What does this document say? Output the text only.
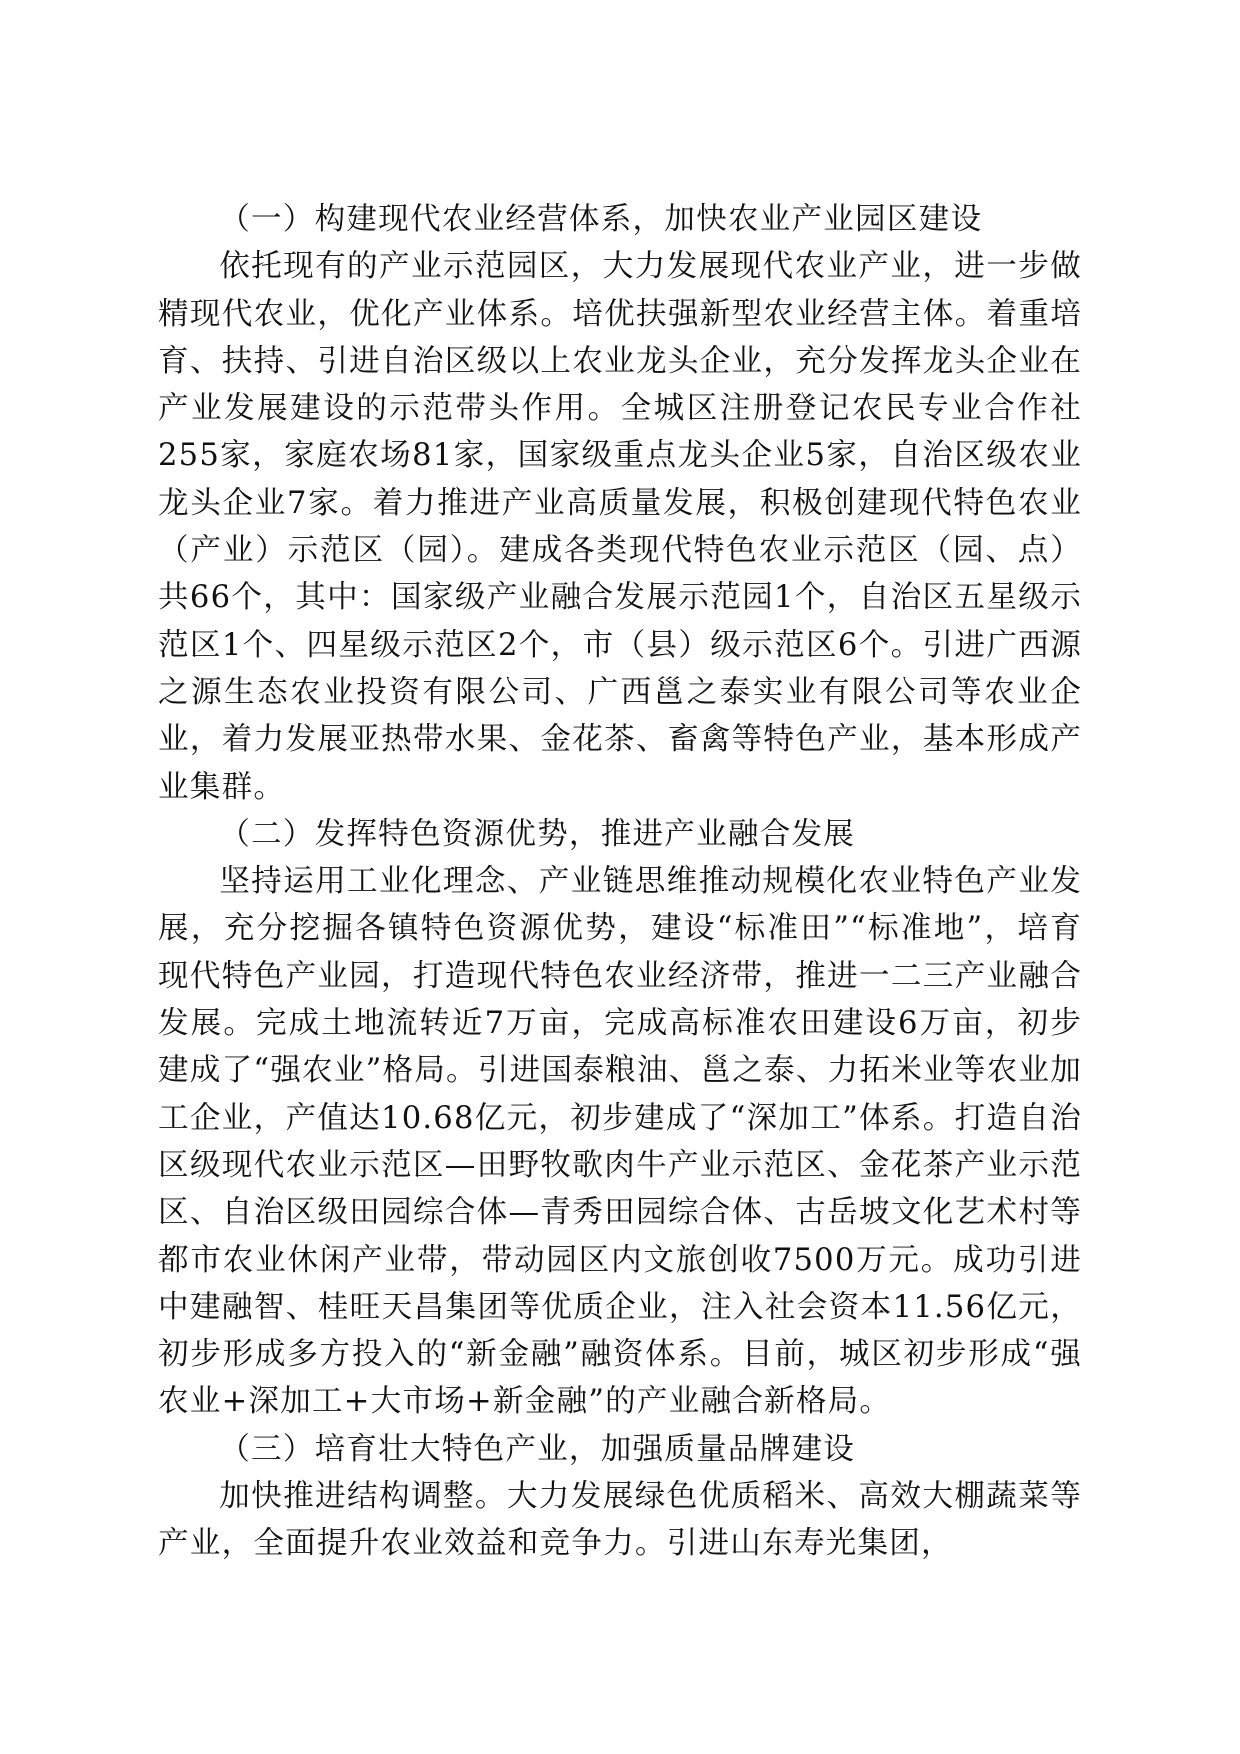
（一）构建现代农业经营体系，加快农业产业园区建设

依托现有的产业示范园区，大力发展现代农业产业，进一步做精现代农业，优化产业体系。培优扶强新型农业经营主体。着重培育、扶持、引进自治区级以上农业龙头企业，充分发挥龙头企业在产业发展建设的示范带头作用。全城区注册登记农民专业合作社255家，家庭农场81家，国家级重点龙头企业5家，自治区级农业龙头企业7家。着力推进产业高质量发展，积极创建现代特色农业（产业）示范区（园）。建成各类现代特色农业示范区（园、点）共66个，其中：国家级产业融合发展示范园1个，自治区五星级示范区1个、四星级示范区2个，市（县）级示范区6个。引进广西源之源生态农业投资有限公司、广西邕之泰实业有限公司等农业企业，着力发展亚热带水果、金花茶、畜禽等特色产业，基本形成产业集群。

（二）发挥特色资源优势，推进产业融合发展

坚持运用工业化理念、产业链思维推动规模化农业特色产业发展，充分挖掘各镇特色资源优势，建设“标准田”“标准地”，培育现代特色产业园，打造现代特色农业经济带，推进一二三产业融合发展。完成土地流转近7万亩，完成高标准农田建设6万亩，初步建成了“强农业”格局。引进国泰粮油、邕之泰、力拓米业等农业加工企业，产值达10.68亿元，初步建成了“深加工”体系。打造自治区级现代农业示范区—田野牧歌肉牛产业示范区、金花茶产业示范区、自治区级田园综合体—青秀田园综合体、古岳坡文化艺术村等都市农业休闲产业带，带动园区内文旅创收7500万元。成功引进中建融智、桂旺天昌集团等优质企业，注入社会资本11.56亿元，初步形成多方投入的“新金融”融资体系。目前，城区初步形成“强农业+深加工+大市场+新金融”的产业融合新格局。

（三）培育壮大特色产业，加强质量品牌建设

加快推进结构调整。大力发展绿色优质稻米、高效大棚蔬菜等产业，全面提升农业效益和竞争力。引进山东寿光集团，
